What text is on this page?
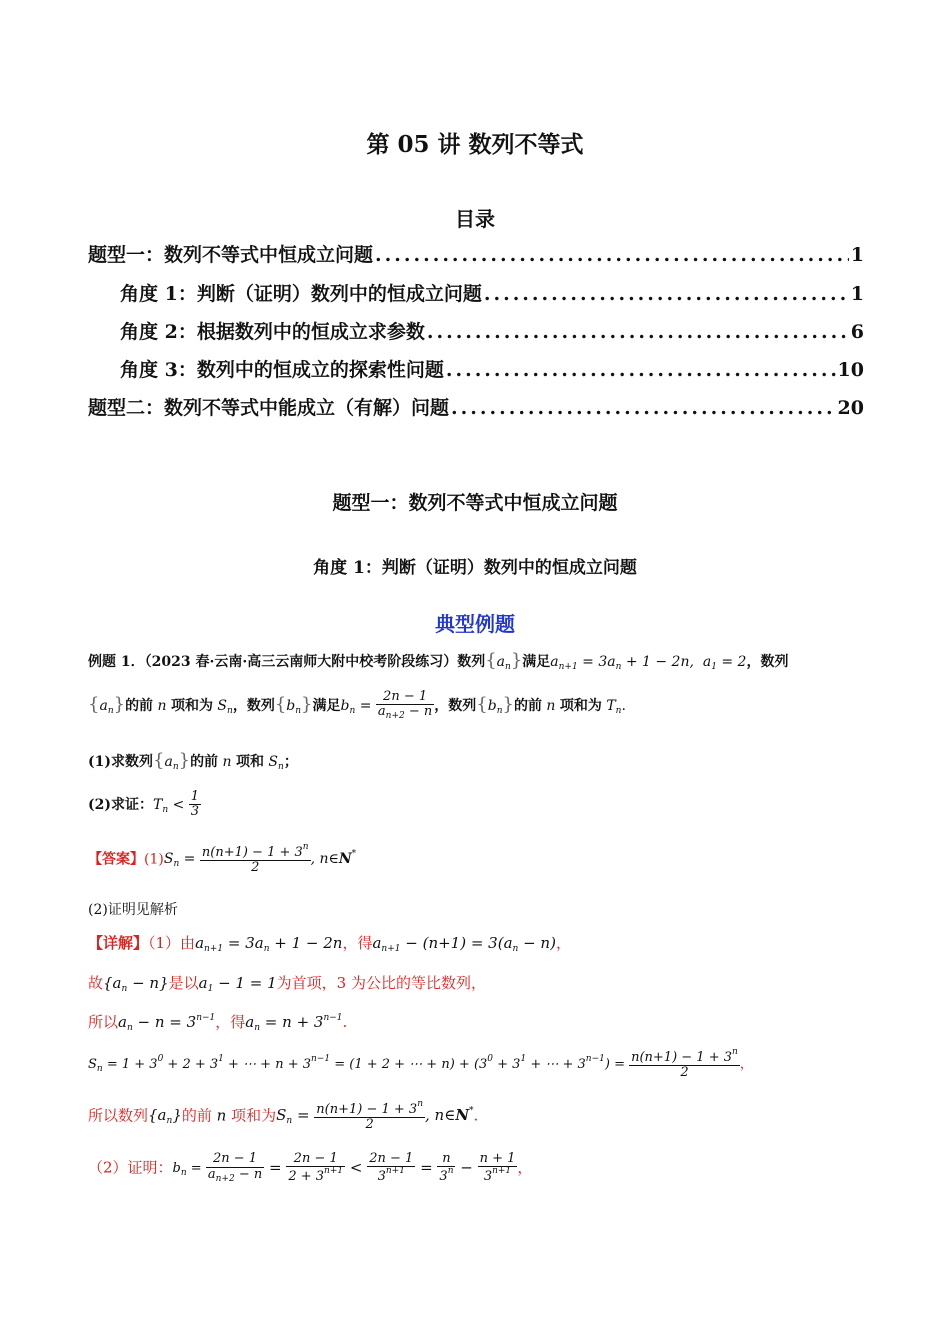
第 05 讲 数列不等式
目录
题型一：数列不等式中恒成立问题 .....	1
角度 1：判断（证明）数列中的恒成立问题 .....	1
角度 2：根据数列中的恒成立求参数 .....	6
角度 3：数列中的恒成立的探索性问题 .....	10
题型二：数列不等式中能成立（有解）问题 .....	20
题型一：数列不等式中恒成立问题
角度 1：判断（证明）数列中的恒成立问题
典型例题
例题 1．（2023 春·云南·高三云南师大附中校考阶段练习）数列$\{a_n\}$满足$a_{n+1} = 3a_n + 1 - 2n$,  $a_1 = 2$，数列
$\{a_n\}$的前 n 项和为 $S_n$，数列$\{b_n\}$满足$b_n = \frac{2n - 1}{a_{n+2} - n}$ ，数列$\{b_n\}$的前 n 项和为 $T_n$.
(1)求数列$\{a_n\}$的前 n 项和 $S_n$；
(2)求证：$T_n < \frac{1}{3}$
【答案】$(1)S_n = \frac{n(n+1) - 1 + 3^n}{2}$ , n∈N*
(2)证明见解析
【详解】（1）由$a_{n+1} = 3a_n + 1 - 2n$，得$a_{n+1} - (n+1) = 3(a_n - n)$，
故$\{a_n - n\}$是以$a_1 - 1 = 1$为首项，3 为公比的等比数列，
所以$a_n - n = 3^{n-1}$，得$a_n = n + 3^{n-1}$.
$S_n = 1 + 3^0 + 2 + 3^1$ + ⋯ + $n + 3^{n-1} = (1 + 2$ + ⋯ + $n) + (3^0 + 3^1$ + ⋯ + $3^{n-1}) = \frac{n(n+1) - 1 + 3^n}{2}$ ，
所以数列$\{a_n\}$的前 n 项和为$S_n = \frac{n(n+1) - 1 + 3^n}{2}$ , n∈N*.
（2）证明：$b_n = \frac{2n - 1}{a_{n+2} - n} = \frac{2n - 1}{2 + 3^{n+1}} < \frac{2n - 1}{3^{n+1}} = \frac{n}{3^n} - \frac{n + 1}{3^{n+1}}$ ，
